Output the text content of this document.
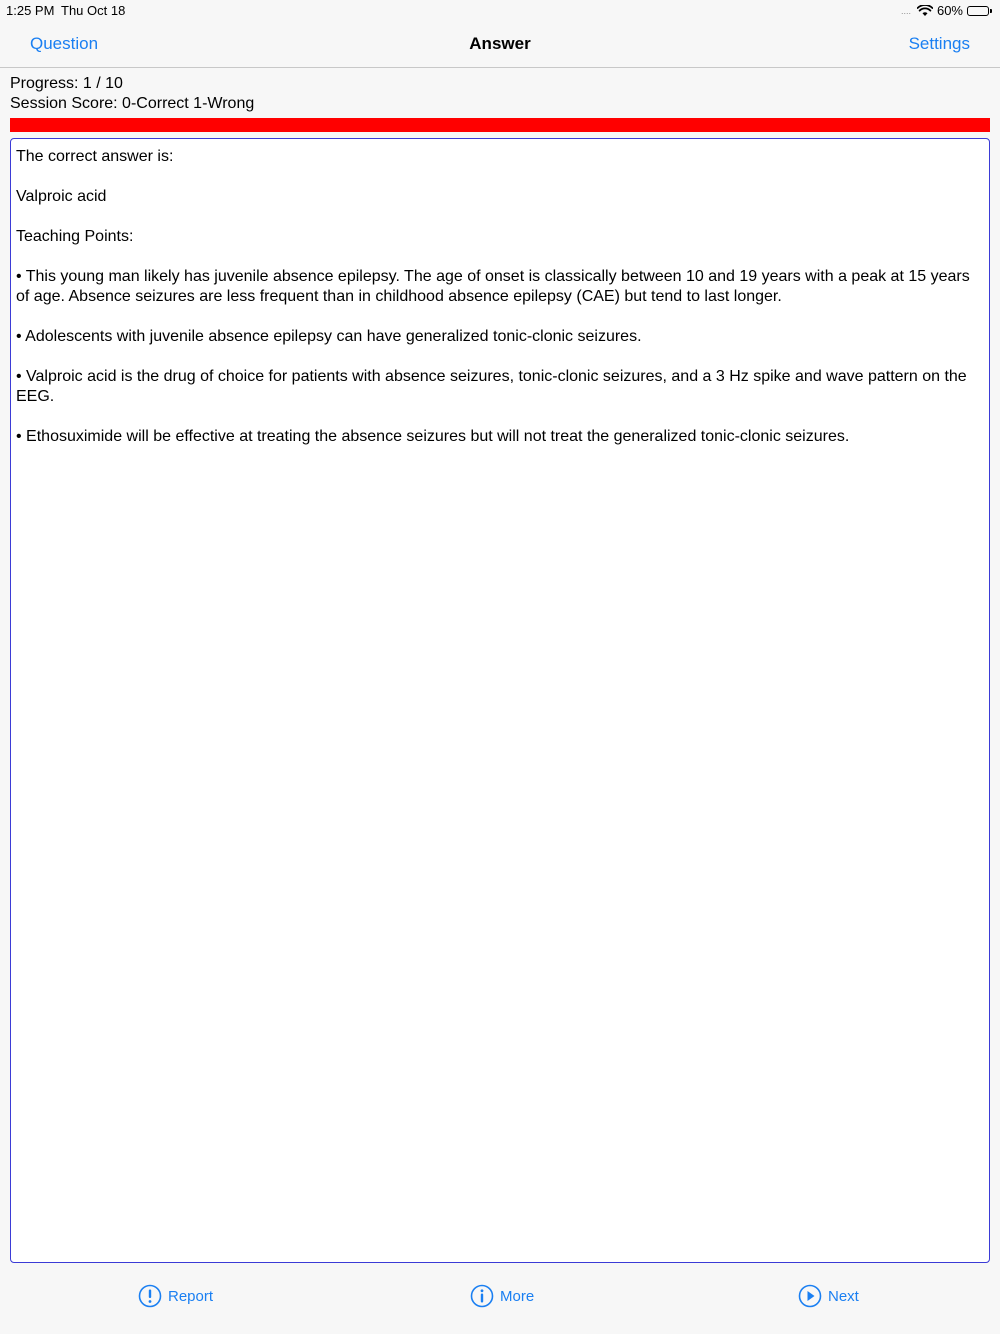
1:25 PM Thu Oct 18	.... 60%
Question	Answer	Settings
Progress: 1 / 10
Session Score: 0-Correct 1-Wrong

The correct answer is:

Valproic acid

Teaching Points:

• This young man likely has juvenile absence epilepsy. The age of onset is classically between 10 and 19 years with a peak at 15 years of age. Absence seizures are less frequent than in childhood absence epilepsy (CAE) but tend to last longer.

• Adolescents with juvenile absence epilepsy can have generalized tonic-clonic seizures.

• Valproic acid is the drug of choice for patients with absence seizures, tonic-clonic seizures, and a 3 Hz spike and wave pattern on the EEG.

• Ethosuximide will be effective at treating the absence seizures but will not treat the generalized tonic-clonic seizures.

Report	More	Next
